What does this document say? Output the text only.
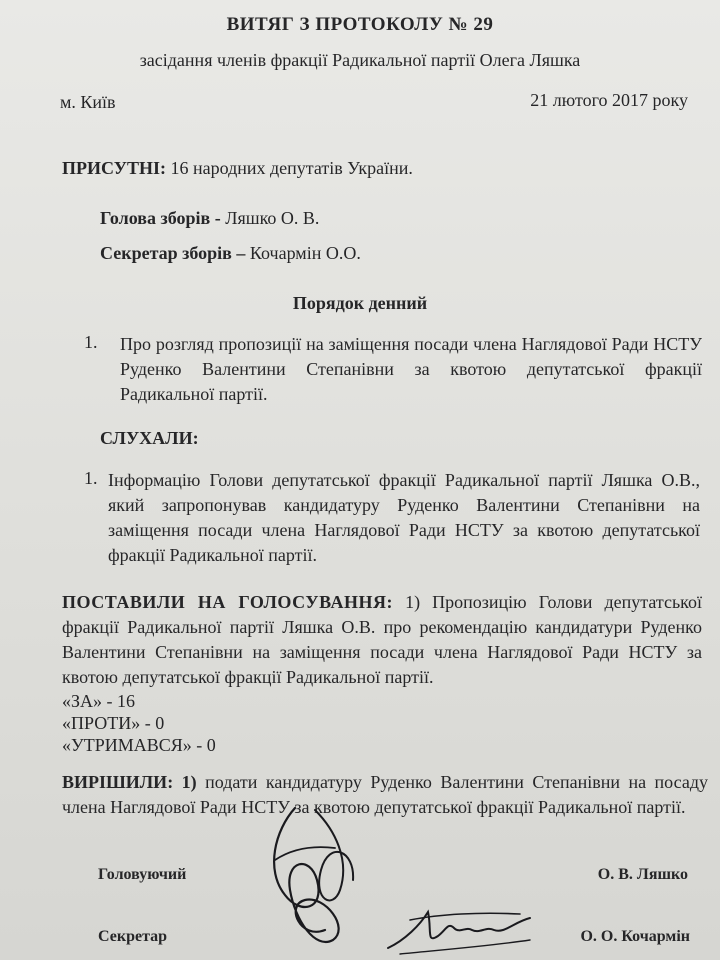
ВИТЯГ З ПРОТОКОЛУ № 29
засідання членів фракції Радикальної партії Олега Ляшка
м. Київ	21 лютого 2017 року
ПРИСУТНІ: 16 народних депутатів України.
Голова зборів - Ляшко О. В.
Секретар зборів – Кочармін О.О.
Порядок денний
1. Про розгляд пропозиції на заміщення посади члена Наглядової Ради НСТУ Руденко Валентини Степанівни за квотою депутатської фракції Радикальної партії.
СЛУХАЛИ:
1. Інформацію Голови депутатської фракції Радикальної партії Ляшка О.В., який запропонував кандидатуру Руденко Валентини Степанівни на заміщення посади члена Наглядової Ради НСТУ за квотою депутатської фракції Радикальної партії.
ПОСТАВИЛИ НА ГОЛОСУВАННЯ: 1) Пропозицію Голови депутатської фракції Радикальної партії Ляшка О.В. про рекомендацію кандидатури Руденко Валентини Степанівни на заміщення посади члена Наглядової Ради НСТУ за квотою депутатської фракції Радикальної партії.
«ЗА» - 16
«ПРОТИ» - 0
«УТРИМАВСЯ» - 0
ВИРІШИЛИ: 1) подати кандидатуру Руденко Валентини Степанівни на посаду члена Наглядової Ради НСТУ за квотою депутатської фракції Радикальної партії.
Головуючий	О. В. Ляшко
Секретар	О. О. Кочармін
